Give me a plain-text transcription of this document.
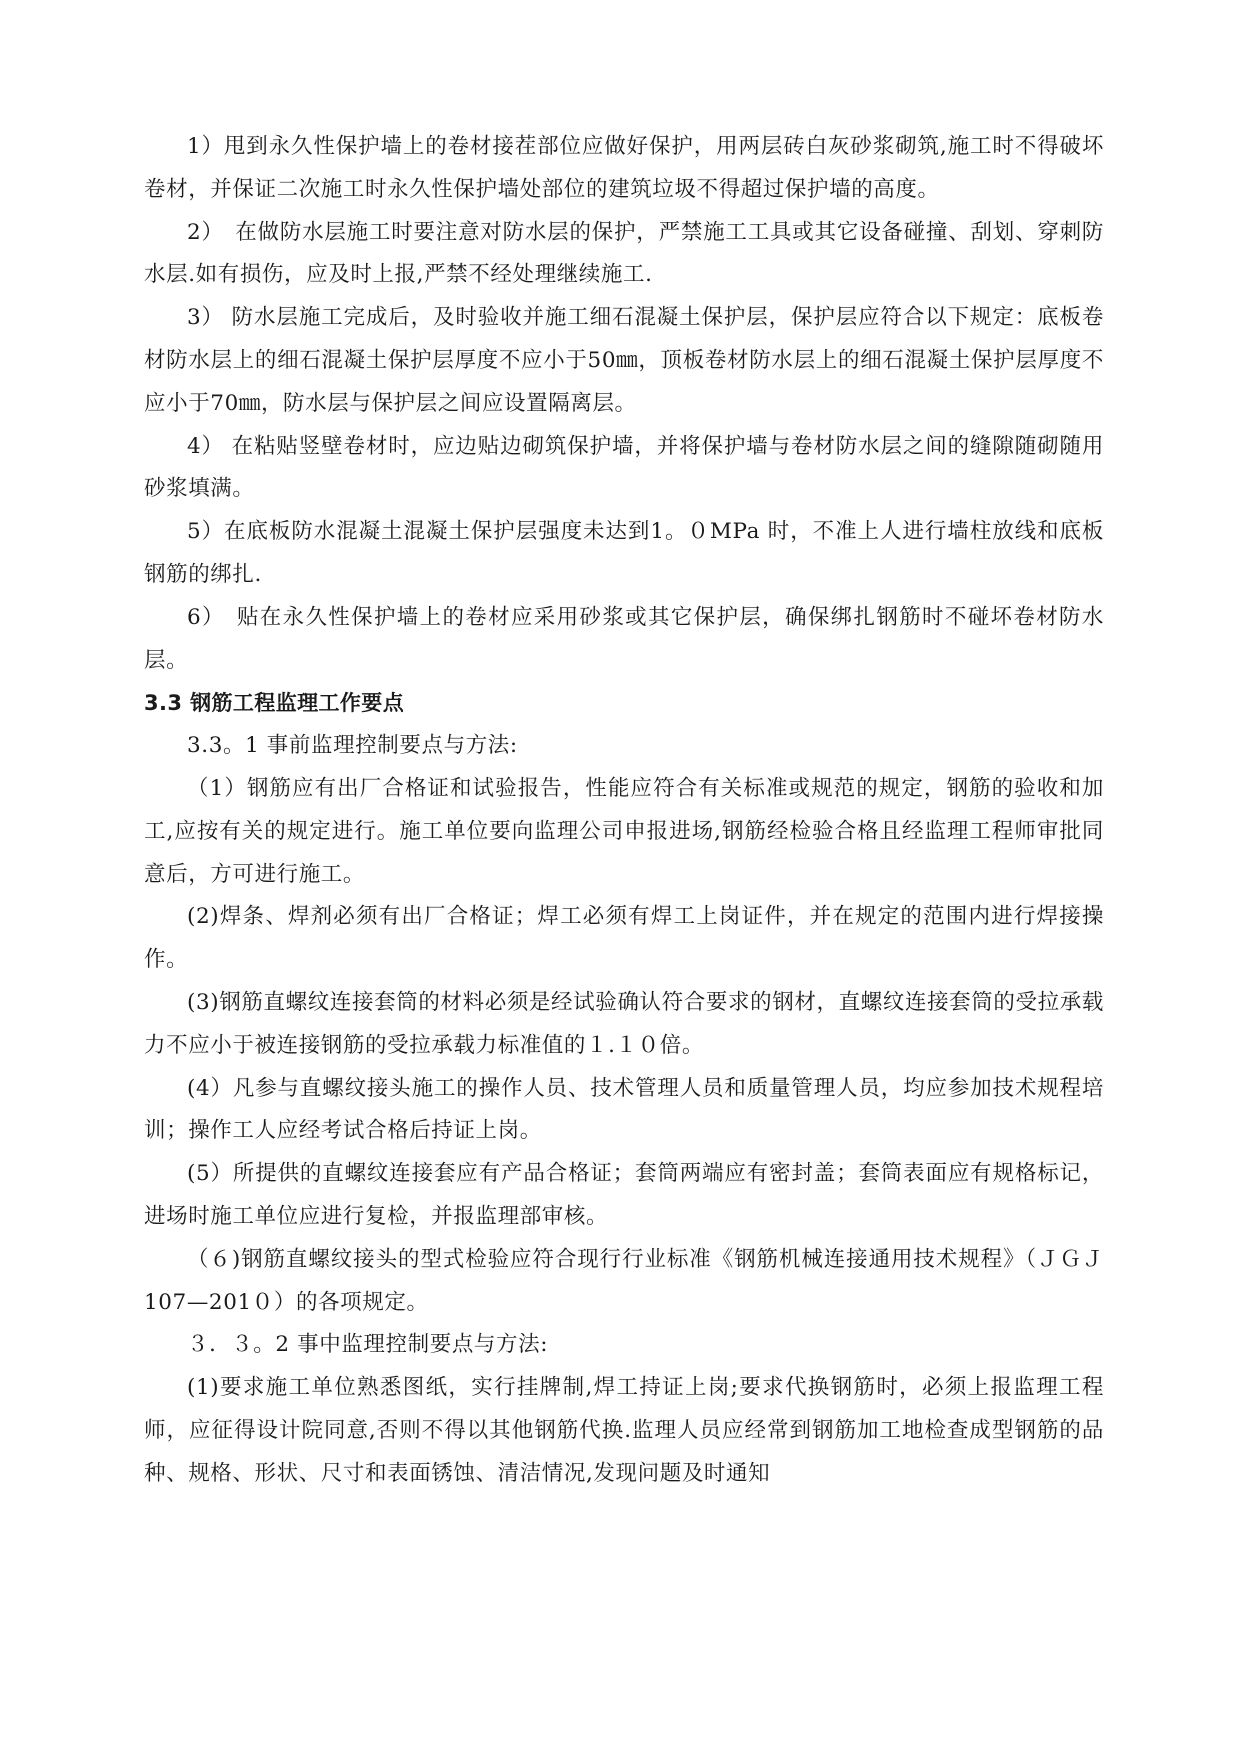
1）甩到永久性保护墙上的卷材接茬部位应做好保护，用两层砖白灰砂浆砌筑,施工时不得破坏卷材，并保证二次施工时永久性保护墙处部位的建筑垃圾不得超过保护墙的高度。

2）　在做防水层施工时要注意对防水层的保护，严禁施工工具或其它设备碰撞、刮划、穿刺防水层.如有损伤，应及时上报,严禁不经处理继续施工.

3） 防水层施工完成后，及时验收并施工细石混凝土保护层，保护层应符合以下规定：底板卷材防水层上的细石混凝土保护层厚度不应小于50㎜，顶板卷材防水层上的细石混凝土保护层厚度不应小于70㎜，防水层与保护层之间应设置隔离层。

4） 在粘贴竖壁卷材时，应边贴边砌筑保护墙，并将保护墙与卷材防水层之间的缝隙随砌随用砂浆填满。

5）在底板防水混凝土混凝土保护层强度未达到1。０MPa 时，不准上人进行墙柱放线和底板钢筋的绑扎.

6）　贴在永久性保护墙上的卷材应采用砂浆或其它保护层，确保绑扎钢筋时不碰坏卷材防水层。

3.3 钢筋工程监理工作要点

3.3。1 事前监理控制要点与方法:

（1）钢筋应有出厂合格证和试验报告，性能应符合有关标准或规范的规定，钢筋的验收和加工,应按有关的规定进行。施工单位要向监理公司申报进场,钢筋经检验合格且经监理工程师审批同意后，方可进行施工。

(2)焊条、焊剂必须有出厂合格证；焊工必须有焊工上岗证件，并在规定的范围内进行焊接操作。

(3)钢筋直螺纹连接套筒的材料必须是经试验确认符合要求的钢材，直螺纹连接套筒的受拉承载力不应小于被连接钢筋的受拉承载力标准值的１.１０倍。

(4）凡参与直螺纹接头施工的操作人员、技术管理人员和质量管理人员，均应参加技术规程培训；操作工人应经考试合格后持证上岗。

(5）所提供的直螺纹连接套应有产品合格证；套筒两端应有密封盖；套筒表面应有规格标记，进场时施工单位应进行复检，并报监理部审核。

（６)钢筋直螺纹接头的型式检验应符合现行行业标准《钢筋机械连接通用技术规程》（ＪＧＪ107—201０）的各项规定。

３．３。2 事中监理控制要点与方法:

(1)要求施工单位熟悉图纸，实行挂牌制,焊工持证上岗;要求代换钢筋时，必须上报监理工程师，应征得设计院同意,否则不得以其他钢筋代换.监理人员应经常到钢筋加工地检查成型钢筋的品种、规格、形状、尺寸和表面锈蚀、清洁情况,发现问题及时通知
